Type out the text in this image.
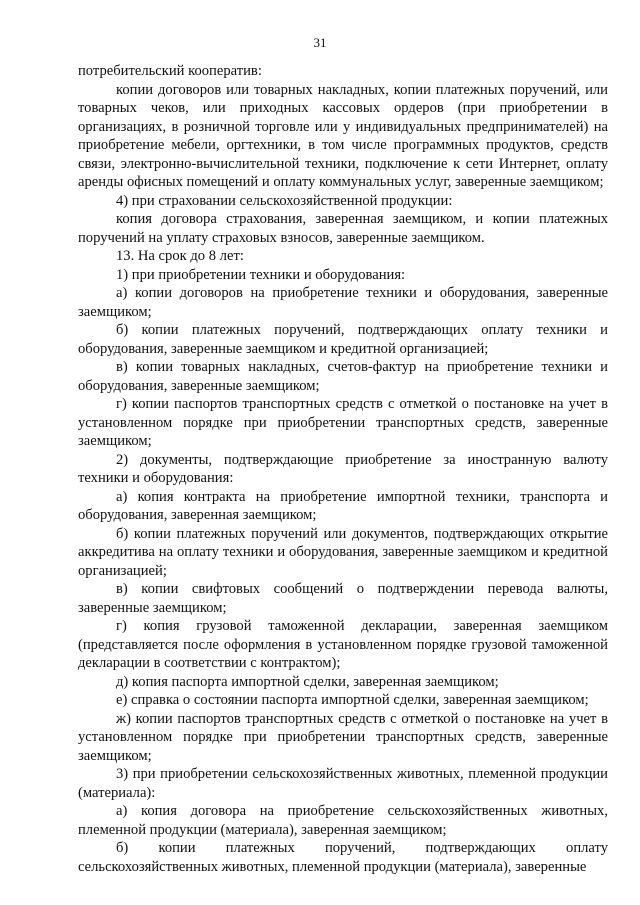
31

потребительский кооператив:

копии договоров или товарных накладных, копии платежных поручений, или товарных чеков, или приходных кассовых ордеров (при приобретении в организациях, в розничной торговле или у индивидуальных предпринимателей) на приобретение мебели, оргтехники, в том числе программных продуктов, средств связи, электронно-вычислительной техники, подключение к сети Интернет, оплату аренды офисных помещений и оплату коммунальных услуг, заверенные заемщиком;

4) при страховании сельскохозяйственной продукции:

копия договора страхования, заверенная заемщиком, и копии платежных поручений на уплату страховых взносов, заверенные заемщиком.

13. На срок до 8 лет:

1) при приобретении техники и оборудования:

а) копии договоров на приобретение техники и оборудования, заверенные заемщиком;

б) копии платежных поручений, подтверждающих оплату техники и оборудования, заверенные заемщиком и кредитной организацией;

в) копии товарных накладных, счетов-фактур на приобретение техники и оборудования, заверенные заемщиком;

г) копии паспортов транспортных средств с отметкой о постановке на учет в установленном порядке при приобретении транспортных средств, заверенные заемщиком;

2) документы, подтверждающие приобретение за иностранную валюту техники и оборудования:

а) копия контракта на приобретение импортной техники, транспорта и оборудования, заверенная заемщиком;

б) копии платежных поручений или документов, подтверждающих открытие аккредитива на оплату техники и оборудования, заверенные заемщиком и кредитной организацией;

в) копии свифтовых сообщений о подтверждении перевода валюты, заверенные заемщиком;

г) копия грузовой таможенной декларации, заверенная заемщиком (представляется после оформления в установленном порядке грузовой таможенной декларации в соответствии с контрактом);

д) копия паспорта импортной сделки, заверенная заемщиком;

е) справка о состоянии паспорта импортной сделки, заверенная заемщиком;

ж) копии паспортов транспортных средств с отметкой о постановке на учет в установленном порядке при приобретении транспортных средств, заверенные заемщиком;

3) при приобретении сельскохозяйственных животных, племенной продукции (материала):

а) копия договора на приобретение сельскохозяйственных животных, племенной продукции (материала), заверенная заемщиком;

б) копии платежных поручений, подтверждающих оплату сельскохозяйственных животных, племенной продукции (материала), заверенные
